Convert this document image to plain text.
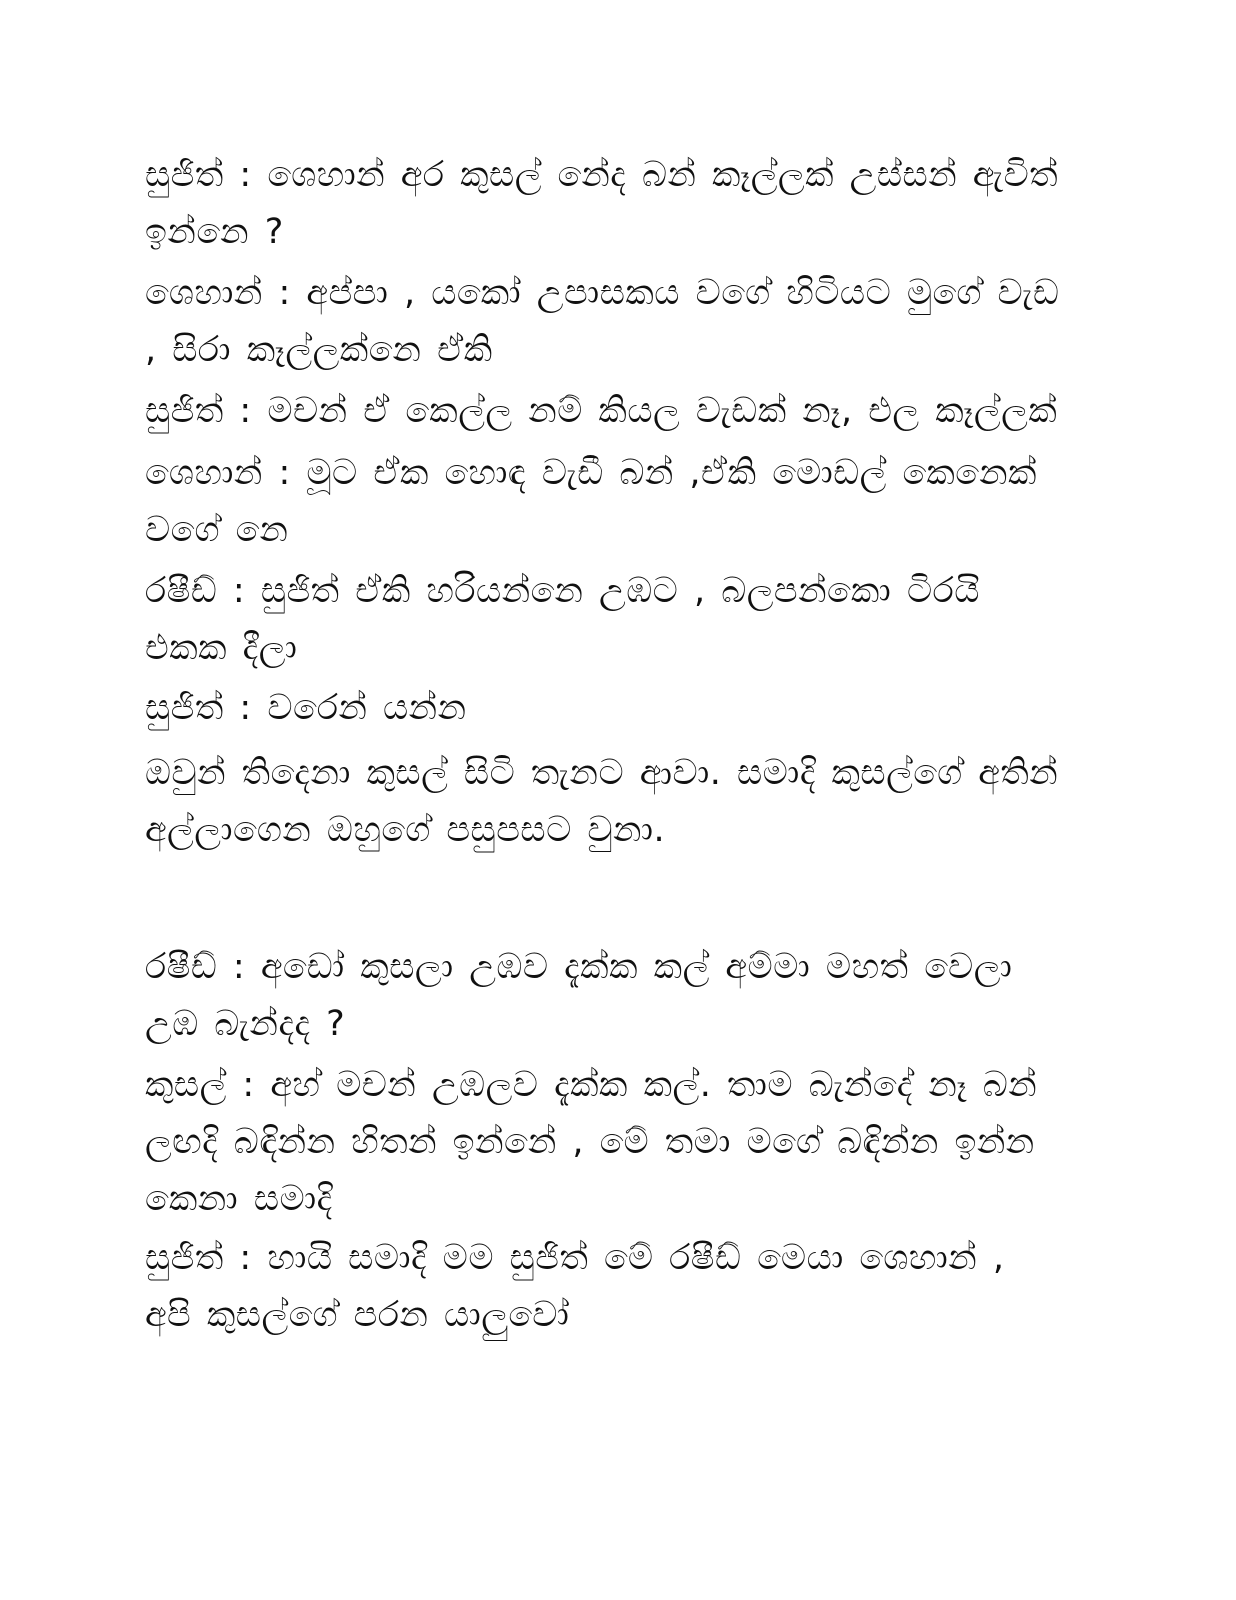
සුජිත් : ශෙහාන් අර කුසල් නේද බන් කෑල්ලක් උස්සන් ඇවිත් ඉන්නෙ ?

ශෙහාන් : අප්පා , යකෝ උපාසකය වගේ හිටියට මුගේ වැඩ , සිරා කෑල්ලක්නෙ ඒකි

සුජිත් : මචන් ඒ කෙල්ල නම් කියල වැඩක් නෑ, එල කෑල්ලක්

ශෙහාන් : මූට ඒක හොඳ වැඩී බන් ,ඒකි මොඩල් කෙනෙක් වගේ නෙ

රෂීඩ් : සුජිත් ඒකි හරියන්නෙ උඹට , බලපන්කො ටිරයි එකක දීලා

සුජිත් : වරෙන් යන්න

ඔවුන් තිදෙනා කුසල් සිටි තැනට ආවා. සමාදි කුසල්ගේ අතින් අල්ලාගෙන ඔහුගේ පසුපසට වුනා.

රෂීඩ් : අඩෝ කුසලා උඹව දැක්ක කල් අම්මා මහත් වෙලා උඹ බැන්දද ?

කුසල් : අහ් මචන් උඹලව දැක්ක කල්. තාම බැන්දේ නෑ බන් ලඟදි බඳින්න හිතන් ඉන්නේ , මේ තමා මගේ බඳින්න ඉන්න කෙනා සමාදි

සුජිත් : හායි සමාදි මම සුජිත් මේ රෂීඩ් මෙයා ශෙහාන් , අපි කුසල්ගේ පරන යාලුවෝ
